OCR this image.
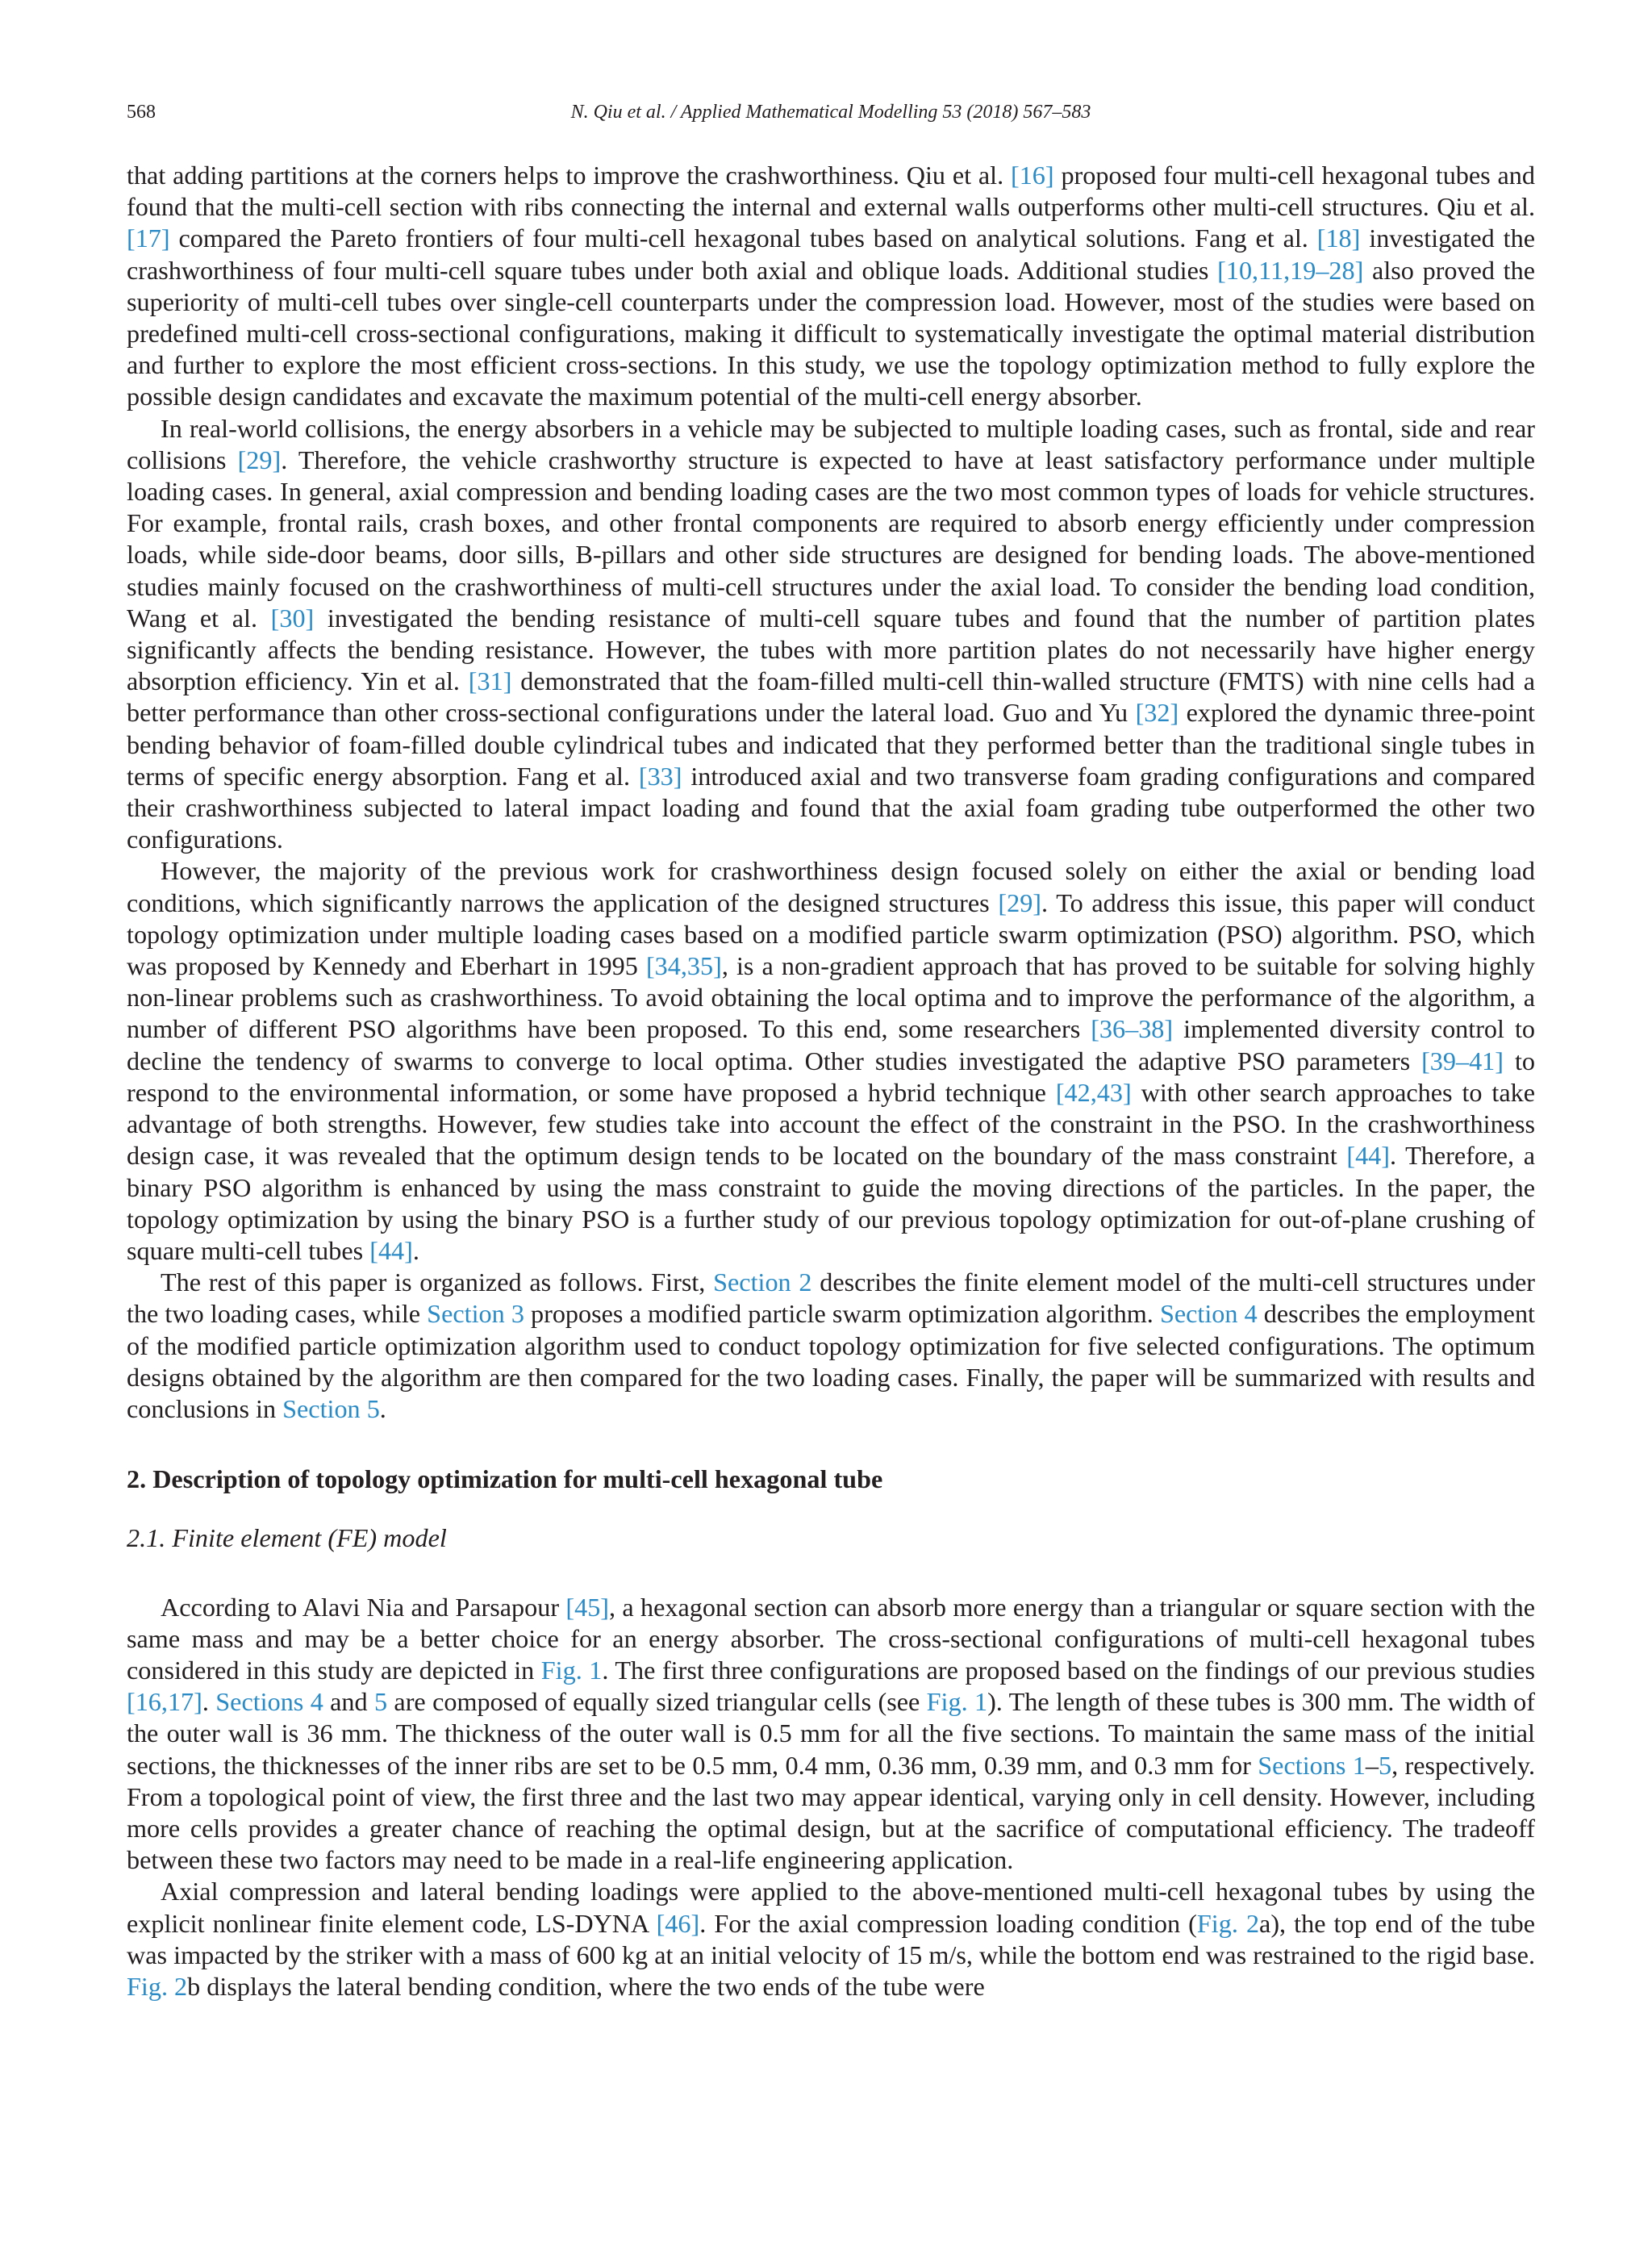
568	N. Qiu et al. / Applied Mathematical Modelling 53 (2018) 567–583

that adding partitions at the corners helps to improve the crashworthiness. Qiu et al. [16] proposed four multi-cell hexagonal tubes and found that the multi-cell section with ribs connecting the internal and external walls outperforms other multi-cell structures. Qiu et al. [17] compared the Pareto frontiers of four multi-cell hexagonal tubes based on analytical solutions. Fang et al. [18] investigated the crashworthiness of four multi-cell square tubes under both axial and oblique loads. Additional studies [10,11,19–28] also proved the superiority of multi-cell tubes over single-cell counterparts under the compression load. However, most of the studies were based on predefined multi-cell cross-sectional configurations, making it difficult to systematically investigate the optimal material distribution and further to explore the most efficient cross-sections. In this study, we use the topology optimization method to fully explore the possible design candidates and excavate the maximum potential of the multi-cell energy absorber.

In real-world collisions, the energy absorbers in a vehicle may be subjected to multiple loading cases, such as frontal, side and rear collisions [29]. Therefore, the vehicle crashworthy structure is expected to have at least satisfactory performance under multiple loading cases. In general, axial compression and bending loading cases are the two most common types of loads for vehicle structures. For example, frontal rails, crash boxes, and other frontal components are required to absorb energy efficiently under compression loads, while side-door beams, door sills, B-pillars and other side structures are designed for bending loads. The above-mentioned studies mainly focused on the crashworthiness of multi-cell structures under the axial load. To consider the bending load condition, Wang et al. [30] investigated the bending resistance of multi-cell square tubes and found that the number of partition plates significantly affects the bending resistance. However, the tubes with more partition plates do not necessarily have higher energy absorption efficiency. Yin et al. [31] demonstrated that the foam-filled multi-cell thin-walled structure (FMTS) with nine cells had a better performance than other cross-sectional configurations under the lateral load. Guo and Yu [32] explored the dynamic three-point bending behavior of foam-filled double cylindrical tubes and indicated that they performed better than the traditional single tubes in terms of specific energy absorption. Fang et al. [33] introduced axial and two transverse foam grading configurations and compared their crashworthiness subjected to lateral impact loading and found that the axial foam grading tube outperformed the other two configurations.

However, the majority of the previous work for crashworthiness design focused solely on either the axial or bending load conditions, which significantly narrows the application of the designed structures [29]. To address this issue, this paper will conduct topology optimization under multiple loading cases based on a modified particle swarm optimization (PSO) algorithm. PSO, which was proposed by Kennedy and Eberhart in 1995 [34,35], is a non-gradient approach that has proved to be suitable for solving highly non-linear problems such as crashworthiness. To avoid obtaining the local optima and to improve the performance of the algorithm, a number of different PSO algorithms have been proposed. To this end, some researchers [36–38] implemented diversity control to decline the tendency of swarms to converge to local optima. Other studies investigated the adaptive PSO parameters [39–41] to respond to the environmental information, or some have proposed a hybrid technique [42,43] with other search approaches to take advantage of both strengths. However, few studies take into account the effect of the constraint in the PSO. In the crashworthiness design case, it was revealed that the optimum design tends to be located on the boundary of the mass constraint [44]. Therefore, a binary PSO algorithm is enhanced by using the mass constraint to guide the moving directions of the particles. In the paper, the topology optimization by using the binary PSO is a further study of our previous topology optimization for out-of-plane crushing of square multi-cell tubes [44].

The rest of this paper is organized as follows. First, Section 2 describes the finite element model of the multi-cell structures under the two loading cases, while Section 3 proposes a modified particle swarm optimization algorithm. Section 4 describes the employment of the modified particle optimization algorithm used to conduct topology optimization for five selected configurations. The optimum designs obtained by the algorithm are then compared for the two loading cases. Finally, the paper will be summarized with results and conclusions in Section 5.

2. Description of topology optimization for multi-cell hexagonal tube
2.1. Finite element (FE) model

According to Alavi Nia and Parsapour [45], a hexagonal section can absorb more energy than a triangular or square section with the same mass and may be a better choice for an energy absorber. The cross-sectional configurations of multi-cell hexagonal tubes considered in this study are depicted in Fig. 1. The first three configurations are proposed based on the findings of our previous studies [16,17]. Sections 4 and 5 are composed of equally sized triangular cells (see Fig. 1). The length of these tubes is 300 mm. The width of the outer wall is 36 mm. The thickness of the outer wall is 0.5 mm for all the five sections. To maintain the same mass of the initial sections, the thicknesses of the inner ribs are set to be 0.5 mm, 0.4 mm, 0.36 mm, 0.39 mm, and 0.3 mm for Sections 1–5, respectively. From a topological point of view, the first three and the last two may appear identical, varying only in cell density. However, including more cells provides a greater chance of reaching the optimal design, but at the sacrifice of computational efficiency. The tradeoff between these two factors may need to be made in a real-life engineering application.

Axial compression and lateral bending loadings were applied to the above-mentioned multi-cell hexagonal tubes by using the explicit nonlinear finite element code, LS-DYNA [46]. For the axial compression loading condition (Fig. 2a), the top end of the tube was impacted by the striker with a mass of 600 kg at an initial velocity of 15 m/s, while the bottom end was restrained to the rigid base. Fig. 2b displays the lateral bending condition, where the two ends of the tube were
